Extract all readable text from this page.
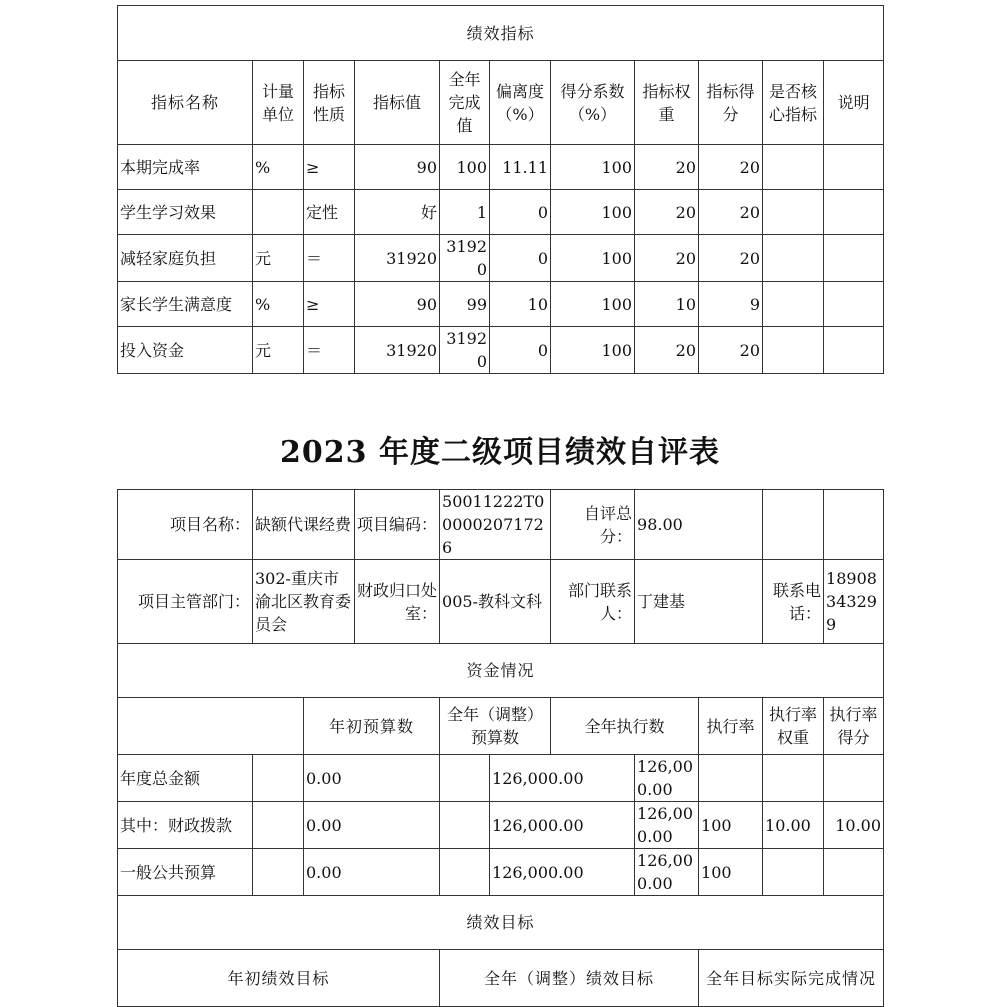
绩效指标										
指标名称	计量单位	指标性质	指标值	全年完成值	偏离度（%）	得分系数（%）	指标权重	指标得分	是否核心指标	说明
本期完成率	%	≥	90	100	11.11	100	20	20		
学生学习效果		定性	好	1	0	100	20	20		
减轻家庭负担	元	＝	31920	31920	0	100	20	20		
家长学生满意度	%	≥	90	99	10	100	10	9		
投入资金	元	＝	31920	31920	0	100	20	20		
2023 年度二级项目绩效自评表
项目名称：	缺额代课经费		项目编码：	50011222T000002071726		自评总分：	98.00			
项目主管部门：	302-重庆市渝北区教育委员会		财政归口处室：	005-教科文科		部门联系人：	丁建基		联系电话：	18908343299
资金情况										
		年初预算数		全年（调整）预算数		全年执行数		执行率	执行率权重	执行率得分
年度总金额		0.00			126,000.00		126,000.00			
其中：财政拨款		0.00			126,000.00		126,000.00	100	10.00	10.00
一般公共预算		0.00			126,000.00		126,000.00	100		
绩效目标										
年初绩效目标				全年（调整）绩效目标				全年目标实际完成情况		
